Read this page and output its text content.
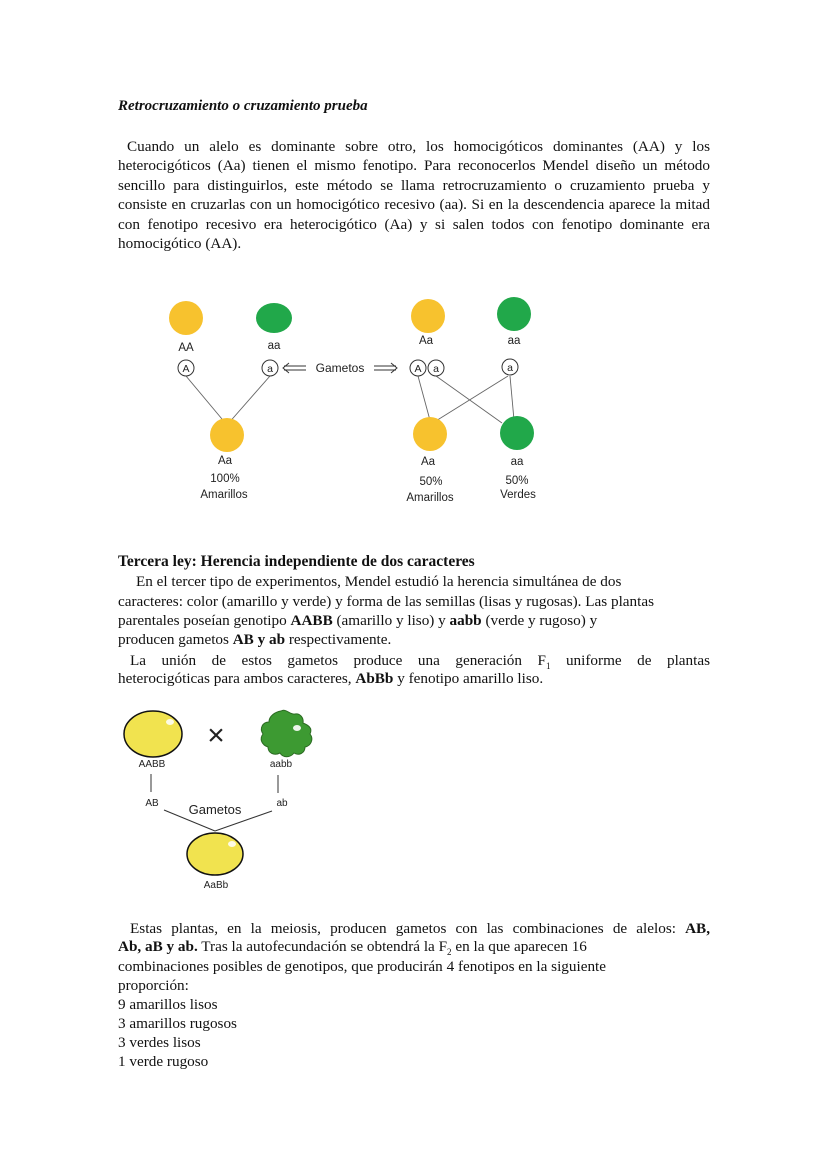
Retrocruzamiento o cruzamiento prueba
Cuando un alelo es dominante sobre otro, los homocigóticos dominantes (AA) y los heterocigóticos (Aa) tienen el mismo fenotipo. Para reconocerlos Mendel diseño un método sencillo para distinguirlos, este método se llama retrocruzamiento o cruzamiento prueba y consiste en cruzarlas con un homocigótico recesivo (aa). Si en la descendencia aparece la mitad con fenotipo recesivo era heterocigótico (Aa) y si salen todos con fenotipo dominante era homocigótico (AA).
AA	aa
A	a	Gametos
Aa	aa
A a	a
Aa
100%
Amarillos
Aa
50%
Amarillos
aa
50%
Verdes
Tercera ley: Herencia independiente de dos caracteres
En el tercer tipo de experimentos, Mendel estudió la herencia simultánea de dos
caracteres: color (amarillo y verde) y forma de las semillas (lisas y rugosas). Las plantas
parentales poseían genotipo AABB (amarillo y liso) y aabb (verde y rugoso) y
producen gametos AB y ab respectivamente.
La unión de estos gametos produce una generación $F_1$ uniforme de plantas
heterocigóticas para ambos caracteres, AbBb y fenotipo amarillo liso.
×
AABB	aabb
AB	ab
Gametos
AaBb
Estas plantas, en la meiosis, producen gametos con las combinaciones de alelos: AB,
Ab, aB y ab. Tras la autofecundación se obtendrá la $F_2$ en la que aparecen 16
combinaciones posibles de genotipos, que producirán 4 fenotipos en la siguiente
proporción:
9 amarillos lisos
3 amarillos rugosos
3 verdes lisos
1 verde rugoso
